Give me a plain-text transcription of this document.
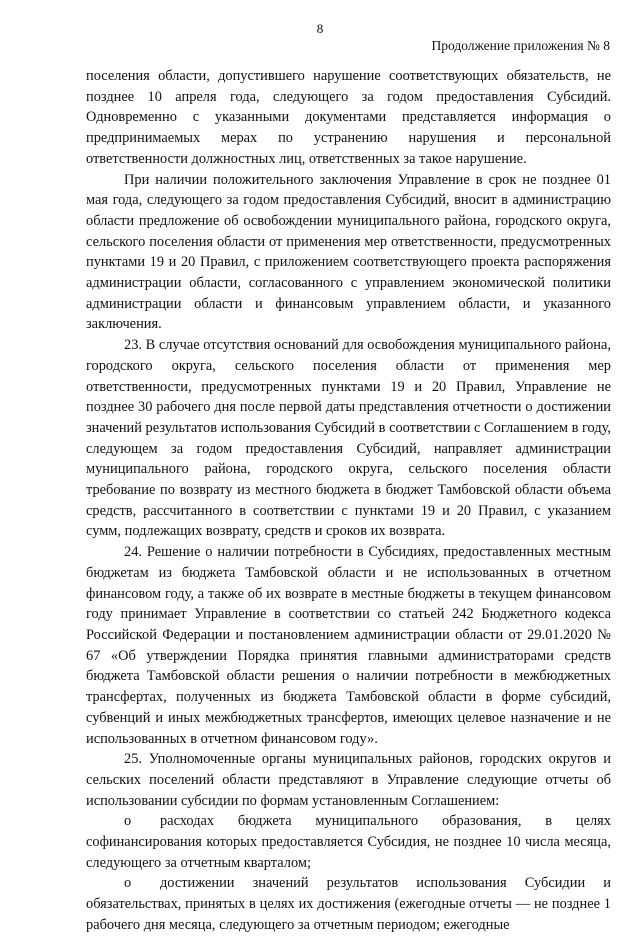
8
Продолжение приложения № 8

поселения области, допустившего нарушение соответствующих обязательств, не позднее 10 апреля года, следующего за годом предоставления Субсидий. Одновременно с указанными документами представляется информация о предпринимаемых мерах по устранению нарушения и персональной ответственности должностных лиц, ответственных за такое нарушение.

При наличии положительного заключения Управление в срок не позднее 01 мая года, следующего за годом предоставления Субсидий, вносит в администрацию области предложение об освобождении муниципального района, городского округа, сельского поселения области от применения мер ответственности, предусмотренных пунктами 19 и 20 Правил, с приложением соответствующего проекта распоряжения администрации области, согласованного с управлением экономической политики администрации области и финансовым управлением области, и указанного заключения.

23. В случае отсутствия оснований для освобождения муниципального района, городского округа, сельского поселения области от применения мер ответственности, предусмотренных пунктами 19 и 20 Правил, Управление не позднее 30 рабочего дня после первой даты представления отчетности о достижении значений результатов использования Субсидий в соответствии с Соглашением в году, следующем за годом предоставления Субсидий, направляет администрации муниципального района, городского округа, сельского поселения области требование по возврату из местного бюджета в бюджет Тамбовской области объема средств, рассчитанного в соответствии с пунктами 19 и 20 Правил, с указанием сумм, подлежащих возврату, средств и сроков их возврата.

24. Решение о наличии потребности в Субсидиях, предоставленных местным бюджетам из бюджета Тамбовской области и не использованных в отчетном финансовом году, а также об их возврате в местные бюджеты в текущем финансовом году принимает Управление в соответствии со статьей 242 Бюджетного кодекса Российской Федерации и постановлением администрации области от 29.01.2020 № 67 «Об утверждении Порядка принятия главными администраторами средств бюджета Тамбовской области решения о наличии потребности в межбюджетных трансфертах, полученных из бюджета Тамбовской области в форме субсидий, субвенций и иных межбюджетных трансфертов, имеющих целевое назначение и не использованных в отчетном финансовом году».

25. Уполномоченные органы муниципальных районов, городских округов и сельских поселений области представляют в Управление следующие отчеты об использовании субсидии по формам установленным Соглашением:

o   расходах бюджета муниципального образования, в целях софинансирования которых предоставляется Субсидия, не позднее 10 числа месяца, следующего за отчетным кварталом;

o   достижении значений результатов использования Субсидии и обязательствах, принятых в целях их достижения (ежегодные отчеты — не позднее 1 рабочего дня месяца, следующего за отчетным периодом; ежегодные
